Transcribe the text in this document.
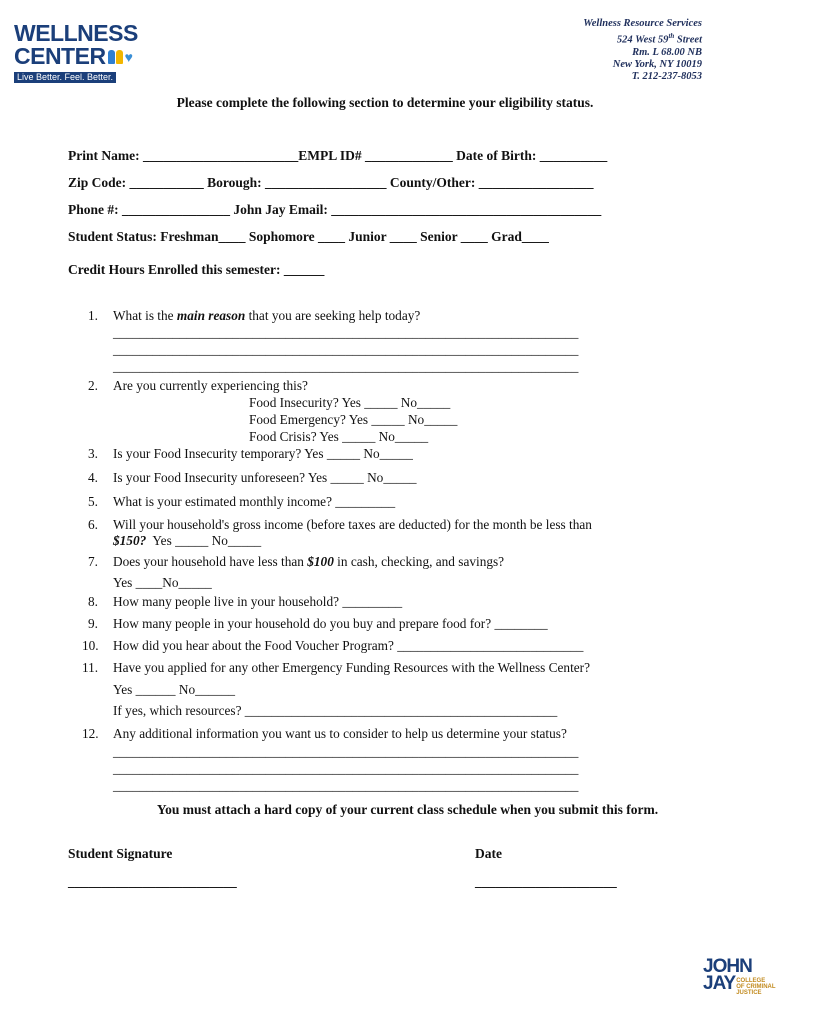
WELLNESS
CENTER ♥
Live Better. Feel. Better.
Wellness Resource Services
524 West 59th Street
Rm. L 68.00 NB
New York, NY 10019
T. 212-237-8053
Please complete the following section to determine your eligibility status.
Print Name: _______________________EMPL ID# _____________ Date of Birth: __________
Zip Code: ___________ Borough: __________________ County/Other: _________________
Phone #: ________________ John Jay Email: ________________________________________
Student Status: Freshman____ Sophomore ____ Junior ____ Senior ____ Grad____
Credit Hours Enrolled this semester: ______
1. What is the main reason that you are seeking help today?
______________________________________________________________________
______________________________________________________________________
______________________________________________________________________
2. Are you currently experiencing this?
Food Insecurity? Yes _____ No_____
Food Emergency? Yes _____ No_____
Food Crisis? Yes _____ No_____
3. Is your Food Insecurity temporary? Yes _____ No_____
4. Is your Food Insecurity unforeseen? Yes _____ No_____
5. What is your estimated monthly income? _________
6. Will your household's gross income (before taxes are deducted) for the month be less than
$150?  Yes _____ No_____
7. Does your household have less than $100 in cash, checking, and savings?
Yes ____No_____
8. How many people live in your household? _________
9. How many people in your household do you buy and prepare food for? ________
10. How did you hear about the Food Voucher Program? ____________________________
11. Have you applied for any other Emergency Funding Resources with the Wellness Center?
Yes ______ No______
If yes, which resources? _______________________________________________
12. Any additional information you want us to consider to help us determine your status?
______________________________________________________________________
______________________________________________________________________
______________________________________________________________________
You must attach a hard copy of your current class schedule when you submit this form.
Student Signature	Date
_________________________	_____________________
JOHN
JAY COLLEGE
OF CRIMINAL
JUSTICE
